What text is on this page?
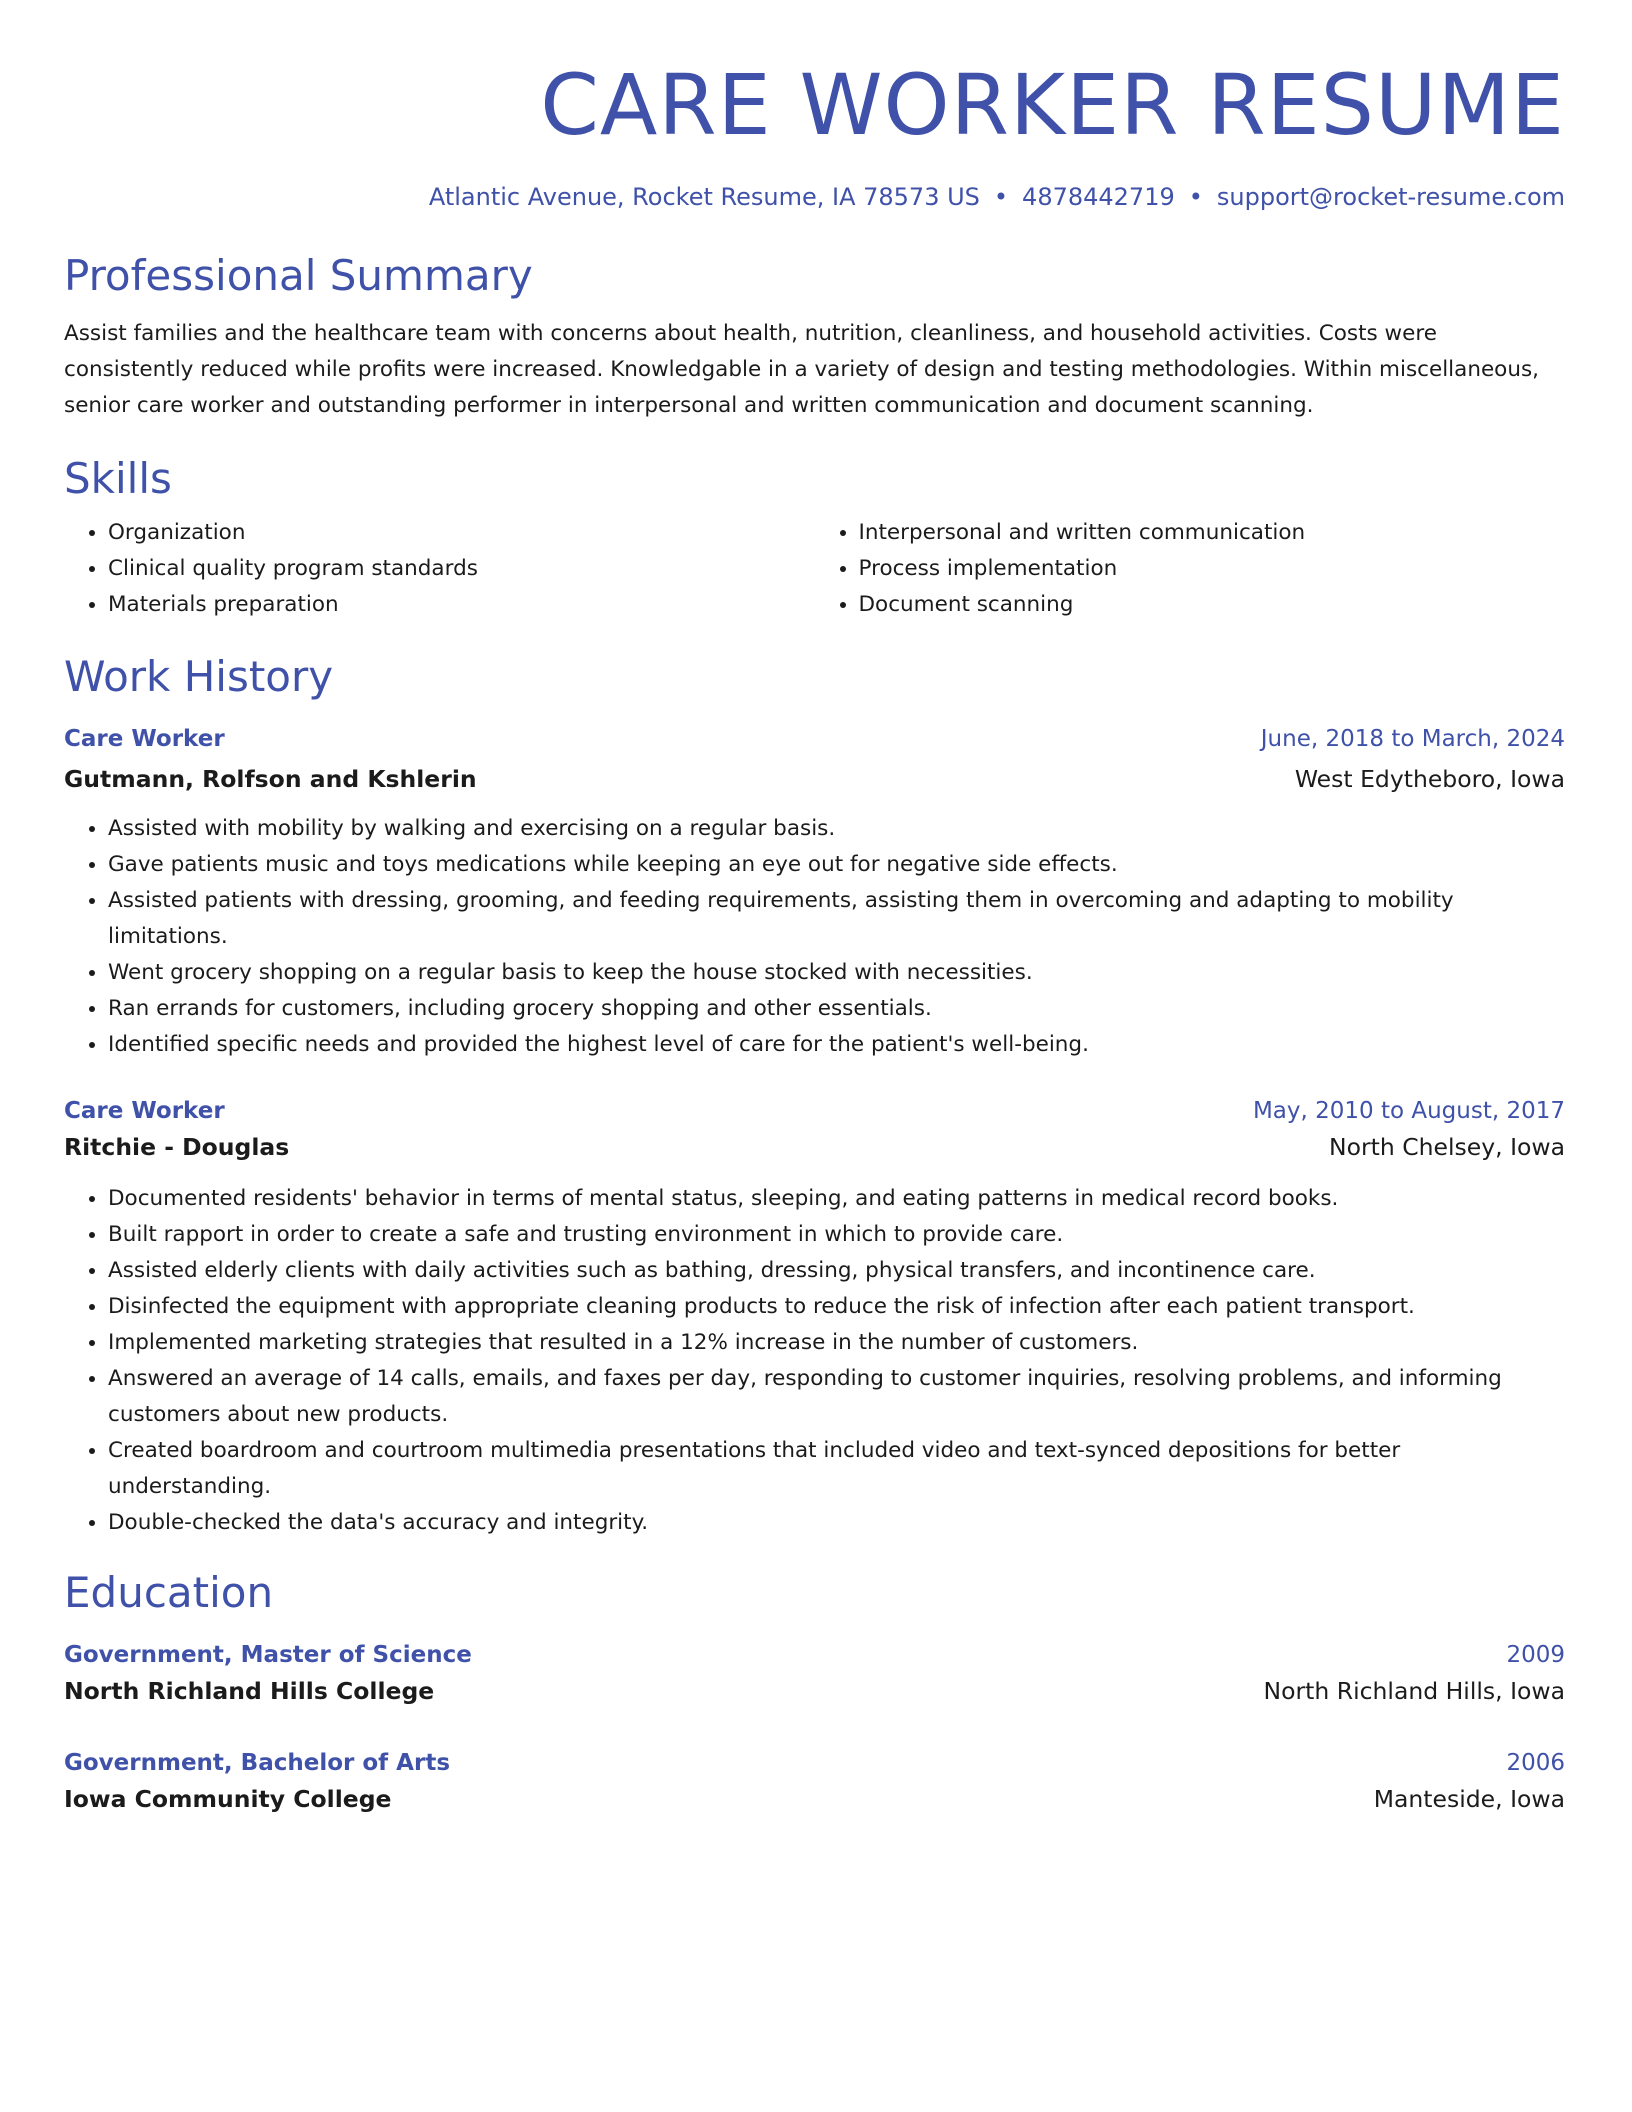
CARE WORKER RESUME
Atlantic Avenue, Rocket Resume, IA 78573 US • 4878442719 • support@rocket-resume.com
Professional Summary

Assist families and the healthcare team with concerns about health, nutrition, cleanliness, and household activities. Costs were consistently reduced while profits were increased. Knowledgable in a variety of design and testing methodologies. Within miscellaneous, senior care worker and outstanding performer in interpersonal and written communication and document scanning.

Skills
• Organization
• Clinical quality program standards
• Materials preparation
• Interpersonal and written communication
• Process implementation
• Document scanning
Work History
Care Worker	June, 2018 to March, 2024
Gutmann, Rolfson and Kshlerin	West Edytheboro, Iowa
• Assisted with mobility by walking and exercising on a regular basis.
• Gave patients music and toys medications while keeping an eye out for negative side effects.
• Assisted patients with dressing, grooming, and feeding requirements, assisting them in overcoming and adapting to mobility limitations.
• Went grocery shopping on a regular basis to keep the house stocked with necessities.
• Ran errands for customers, including grocery shopping and other essentials.
• Identified specific needs and provided the highest level of care for the patient's well-being.
Care Worker	May, 2010 to August, 2017
Ritchie - Douglas	North Chelsey, Iowa
• Documented residents' behavior in terms of mental status, sleeping, and eating patterns in medical record books.
• Built rapport in order to create a safe and trusting environment in which to provide care.
• Assisted elderly clients with daily activities such as bathing, dressing, physical transfers, and incontinence care.
• Disinfected the equipment with appropriate cleaning products to reduce the risk of infection after each patient transport.
• Implemented marketing strategies that resulted in a 12% increase in the number of customers.
• Answered an average of 14 calls, emails, and faxes per day, responding to customer inquiries, resolving problems, and informing customers about new products.
• Created boardroom and courtroom multimedia presentations that included video and text-synced depositions for better understanding.
• Double-checked the data's accuracy and integrity.
Education
Government, Master of Science	2009
North Richland Hills College	North Richland Hills, Iowa
Government, Bachelor of Arts	2006
Iowa Community College	Manteside, Iowa
